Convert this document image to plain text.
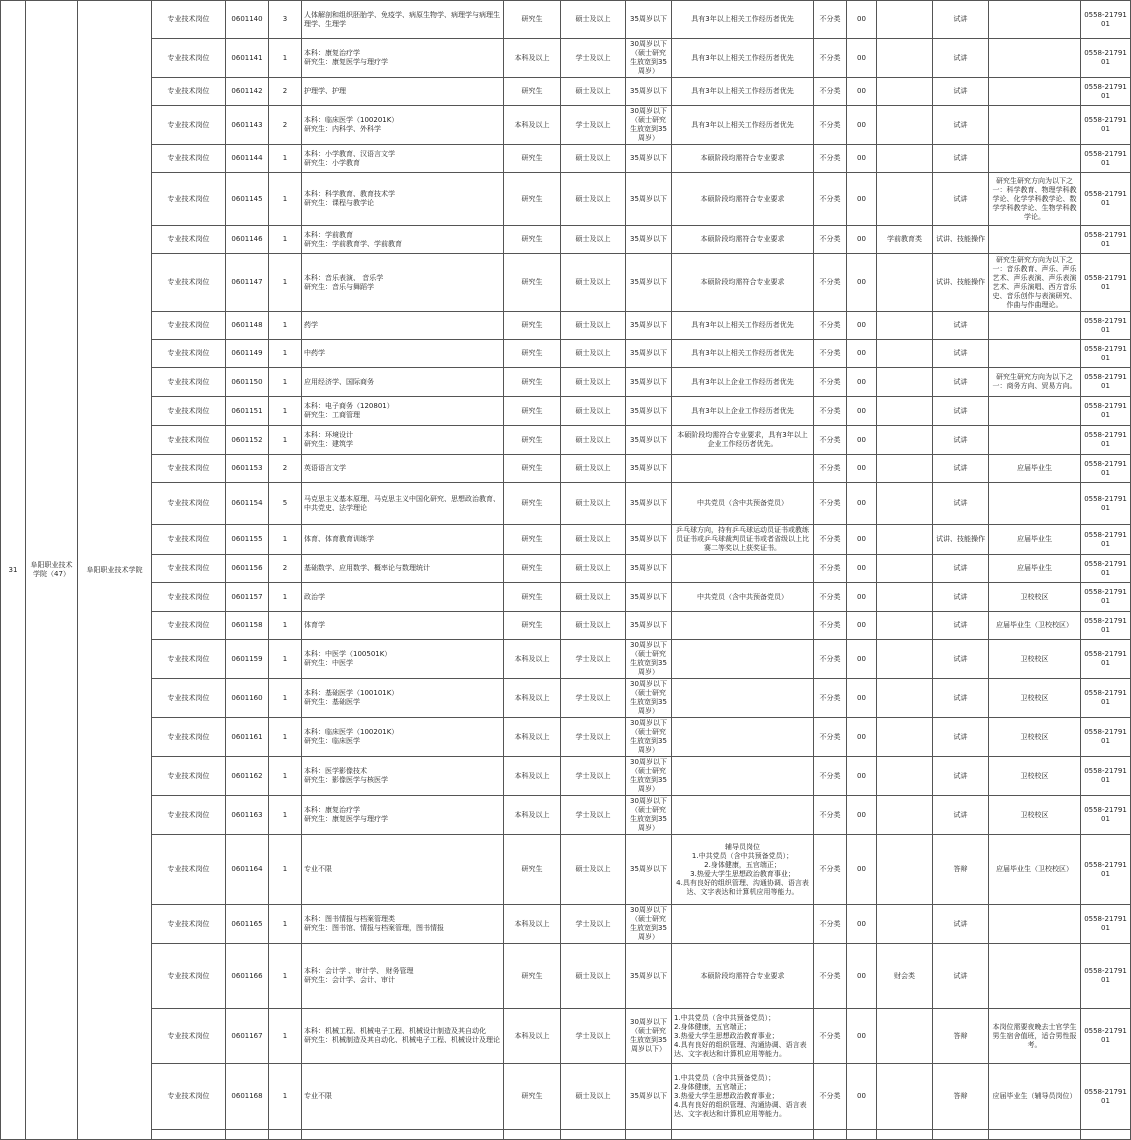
31	阜阳职业技术学院（47）	阜阳职业技术学院	专业技术岗位	0601140	3	人体解剖和组织胚胎学、免疫学、病原生物学、病理学与病理生理学、生理学	研究生	硕士及以上	35周岁以下	具有3年以上相关工作经历者优先	不分类	00		试讲		0558-2179101
			专业技术岗位	0601141	1	本科：康复治疗学
研究生：康复医学与理疗学	本科及以上	学士及以上	30周岁以下（硕士研究生放宽到35周岁）	具有3年以上相关工作经历者优先	不分类	00		试讲		0558-2179101
			专业技术岗位	0601142	2	护理学、护理	研究生	硕士及以上	35周岁以下	具有3年以上相关工作经历者优先	不分类	00		试讲		0558-2179101
			专业技术岗位	0601143	2	本科：临床医学（100201K）
研究生：内科学、外科学	本科及以上	学士及以上	30周岁以下（硕士研究生放宽到35周岁）	具有3年以上相关工作经历者优先	不分类	00		试讲		0558-2179101
			专业技术岗位	0601144	1	本科：小学教育、汉语言文学
研究生：小学教育	研究生	硕士及以上	35周岁以下	本硕阶段均需符合专业要求	不分类	00		试讲		0558-2179101
			专业技术岗位	0601145	1	本科：科学教育、教育技术学
研究生：课程与教学论	研究生	硕士及以上	35周岁以下	本硕阶段均需符合专业要求	不分类	00		试讲	研究生研究方向为以下之一：科学教育、物理学科教学论、化学学科教学论、数学学科教学论、生物学科教学论。	0558-2179101
			专业技术岗位	0601146	1	本科：学前教育
研究生：学前教育学、学前教育	研究生	硕士及以上	35周岁以下	本硕阶段均需符合专业要求	不分类	00	学前教育类	试讲、技能操作		0558-2179101
			专业技术岗位	0601147	1	本科：音乐表演、 音乐学
研究生：音乐与舞蹈学	研究生	硕士及以上	35周岁以下	本硕阶段均需符合专业要求	不分类	00		试讲、技能操作	研究生研究方向为以下之一：音乐教育、声乐、声乐艺术、声乐表演、声乐表演艺术、声乐演唱、西方音乐史、音乐创作与表演研究、作曲与作曲理论。	0558-2179101
			专业技术岗位	0601148	1	药学	研究生	硕士及以上	35周岁以下	具有3年以上相关工作经历者优先	不分类	00		试讲		0558-2179101
			专业技术岗位	0601149	1	中药学	研究生	硕士及以上	35周岁以下	具有3年以上相关工作经历者优先	不分类	00		试讲		0558-2179101
			专业技术岗位	0601150	1	应用经济学、国际商务	研究生	硕士及以上	35周岁以下	具有3年以上企业工作经历者优先	不分类	00		试讲	研究生研究方向为以下之一：商务方向、贸易方向。	0558-2179101
			专业技术岗位	0601151	1	本科：电子商务（120801）
研究生：工商管理	研究生	硕士及以上	35周岁以下	具有3年以上企业工作经历者优先	不分类	00		试讲		0558-2179101
			专业技术岗位	0601152	1	本科：环境设计
研究生：建筑学	研究生	硕士及以上	35周岁以下	本硕阶段均需符合专业要求，具有3年以上企业工作经历者优先。	不分类	00		试讲		0558-2179101
			专业技术岗位	0601153	2	英语语言文学	研究生	硕士及以上	35周岁以下		不分类	00		试讲	应届毕业生	0558-2179101
			专业技术岗位	0601154	5	马克思主义基本原理、马克思主义中国化研究、思想政治教育、中共党史、法学理论	研究生	硕士及以上	35周岁以下	中共党员（含中共预备党员）	不分类	00		试讲		0558-2179101
			专业技术岗位	0601155	1	体育、体育教育训练学	研究生	硕士及以上	35周岁以下	乒乓球方向，持有乒乓球运动员证书或教练员证书或乒乓球裁判员证书或者省级以上比赛二等奖以上获奖证书。	不分类	00		试讲、技能操作	应届毕业生	0558-2179101
			专业技术岗位	0601156	2	基础数学、应用数学、概率论与数理统计	研究生	硕士及以上	35周岁以下		不分类	00		试讲	应届毕业生	0558-2179101
			专业技术岗位	0601157	1	政治学	研究生	硕士及以上	35周岁以下	中共党员（含中共预备党员）	不分类	00		试讲	卫校校区	0558-2179101
			专业技术岗位	0601158	1	体育学	研究生	硕士及以上	35周岁以下		不分类	00		试讲	应届毕业生（卫校校区）	0558-2179101
			专业技术岗位	0601159	1	本科：中医学（100501K）
研究生：中医学	本科及以上	学士及以上	30周岁以下（硕士研究生放宽到35周岁）		不分类	00		试讲	卫校校区	0558-2179101
			专业技术岗位	0601160	1	本科：基础医学（100101K）
研究生：基础医学	本科及以上	学士及以上	30周岁以下（硕士研究生放宽到35周岁）		不分类	00		试讲	卫校校区	0558-2179101
			专业技术岗位	0601161	1	本科：临床医学（100201K）
研究生：临床医学	本科及以上	学士及以上	30周岁以下（硕士研究生放宽到35周岁）		不分类	00		试讲	卫校校区	0558-2179101
			专业技术岗位	0601162	1	本科：医学影像技术
研究生：影像医学与核医学	本科及以上	学士及以上	30周岁以下（硕士研究生放宽到35周岁）		不分类	00		试讲	卫校校区	0558-2179101
			专业技术岗位	0601163	1	本科：康复治疗学
研究生：康复医学与理疗学	本科及以上	学士及以上	30周岁以下（硕士研究生放宽到35周岁）		不分类	00		试讲	卫校校区	0558-2179101
			专业技术岗位	0601164	1	专业不限	研究生	硕士及以上	35周岁以下	辅导员岗位
1.中共党员（含中共预备党员）；
2.身体健康，五官端正；
3.热爱大学生思想政治教育事业；
4.具有良好的组织管理、沟通协调、语言表达、文字表达和计算机应用等能力。	不分类	00		答辩	应届毕业生（卫校校区）	0558-2179101
			专业技术岗位	0601165	1	本科：图书情报与档案管理类
研究生：图书馆、情报与档案管理，图书情报	本科及以上	学士及以上	30周岁以下（硕士研究生放宽到35周岁）		不分类	00		试讲		0558-2179101
			专业技术岗位	0601166	1	本科：会计学 、审计学、 财务管理
研究生：会计学、会计、审计	研究生	硕士及以上	35周岁以下	本硕阶段均需符合专业要求	不分类	00	财会类	试讲		0558-2179101
			专业技术岗位	0601167	1	本科：机械工程、机械电子工程、机械设计制造及其自动化
研究生：机械制造及其自动化、机械电子工程、机械设计及理论	本科及以上	学士及以上	30周岁以下（硕士研究生放宽到35周岁以下）	1.中共党员（含中共预备党员）；
2.身体健康，五官端正；
3.热爱大学生思想政治教育事业；
4.具有良好的组织管理、沟通协调、语言表达、文字表达和计算机应用等能力。	不分类	00		答辩	本岗位需要夜晚去士官学生男生宿舍值班，适合男性报考。	0558-2179101
			专业技术岗位	0601168	1	专业不限	研究生	硕士及以上	35周岁以下	1.中共党员（含中共预备党员）；
2.身体健康，五官端正；
3.热爱大学生思想政治教育事业；
4.具有良好的组织管理、沟通协调、语言表达、文字表达和计算机应用等能力。	不分类	00		答辩	应届毕业生（辅导员岗位）	0558-2179101
